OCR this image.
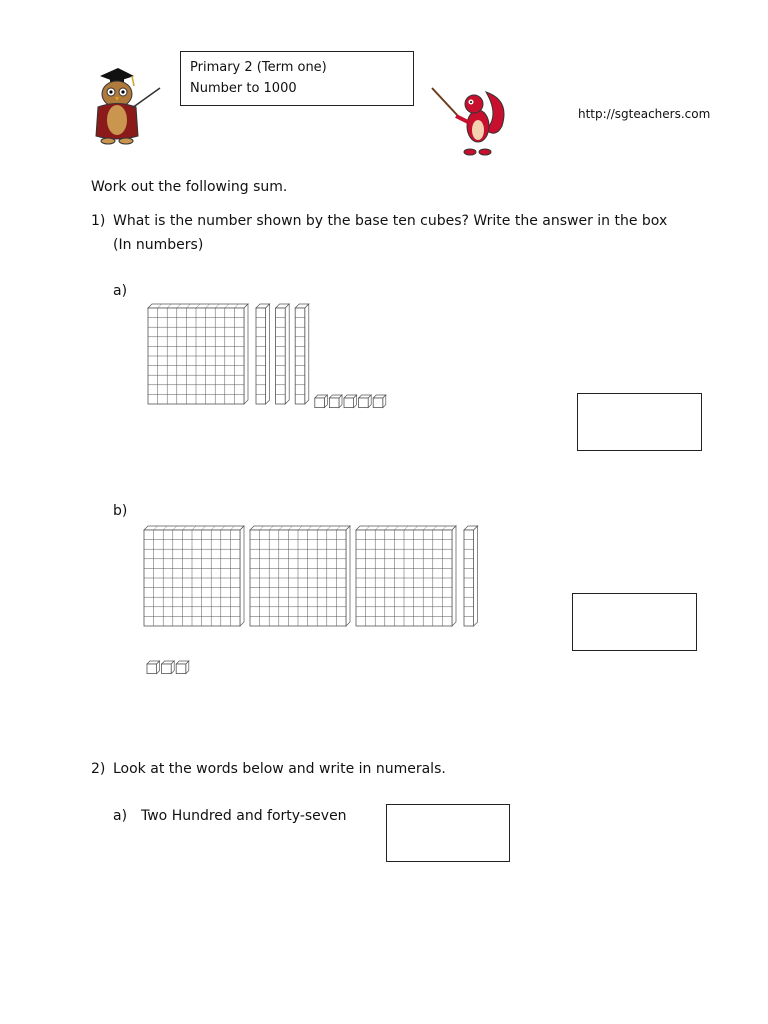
Primary 2 (Term one)
Number to 1000
http://sgteachers.com
Work out the following sum.
1) What is the number shown by the base ten cubes? Write the answer in the box
(In numbers)
a)
b)
2) Look at the words below and write in numerals.
a) Two Hundred and forty-seven
